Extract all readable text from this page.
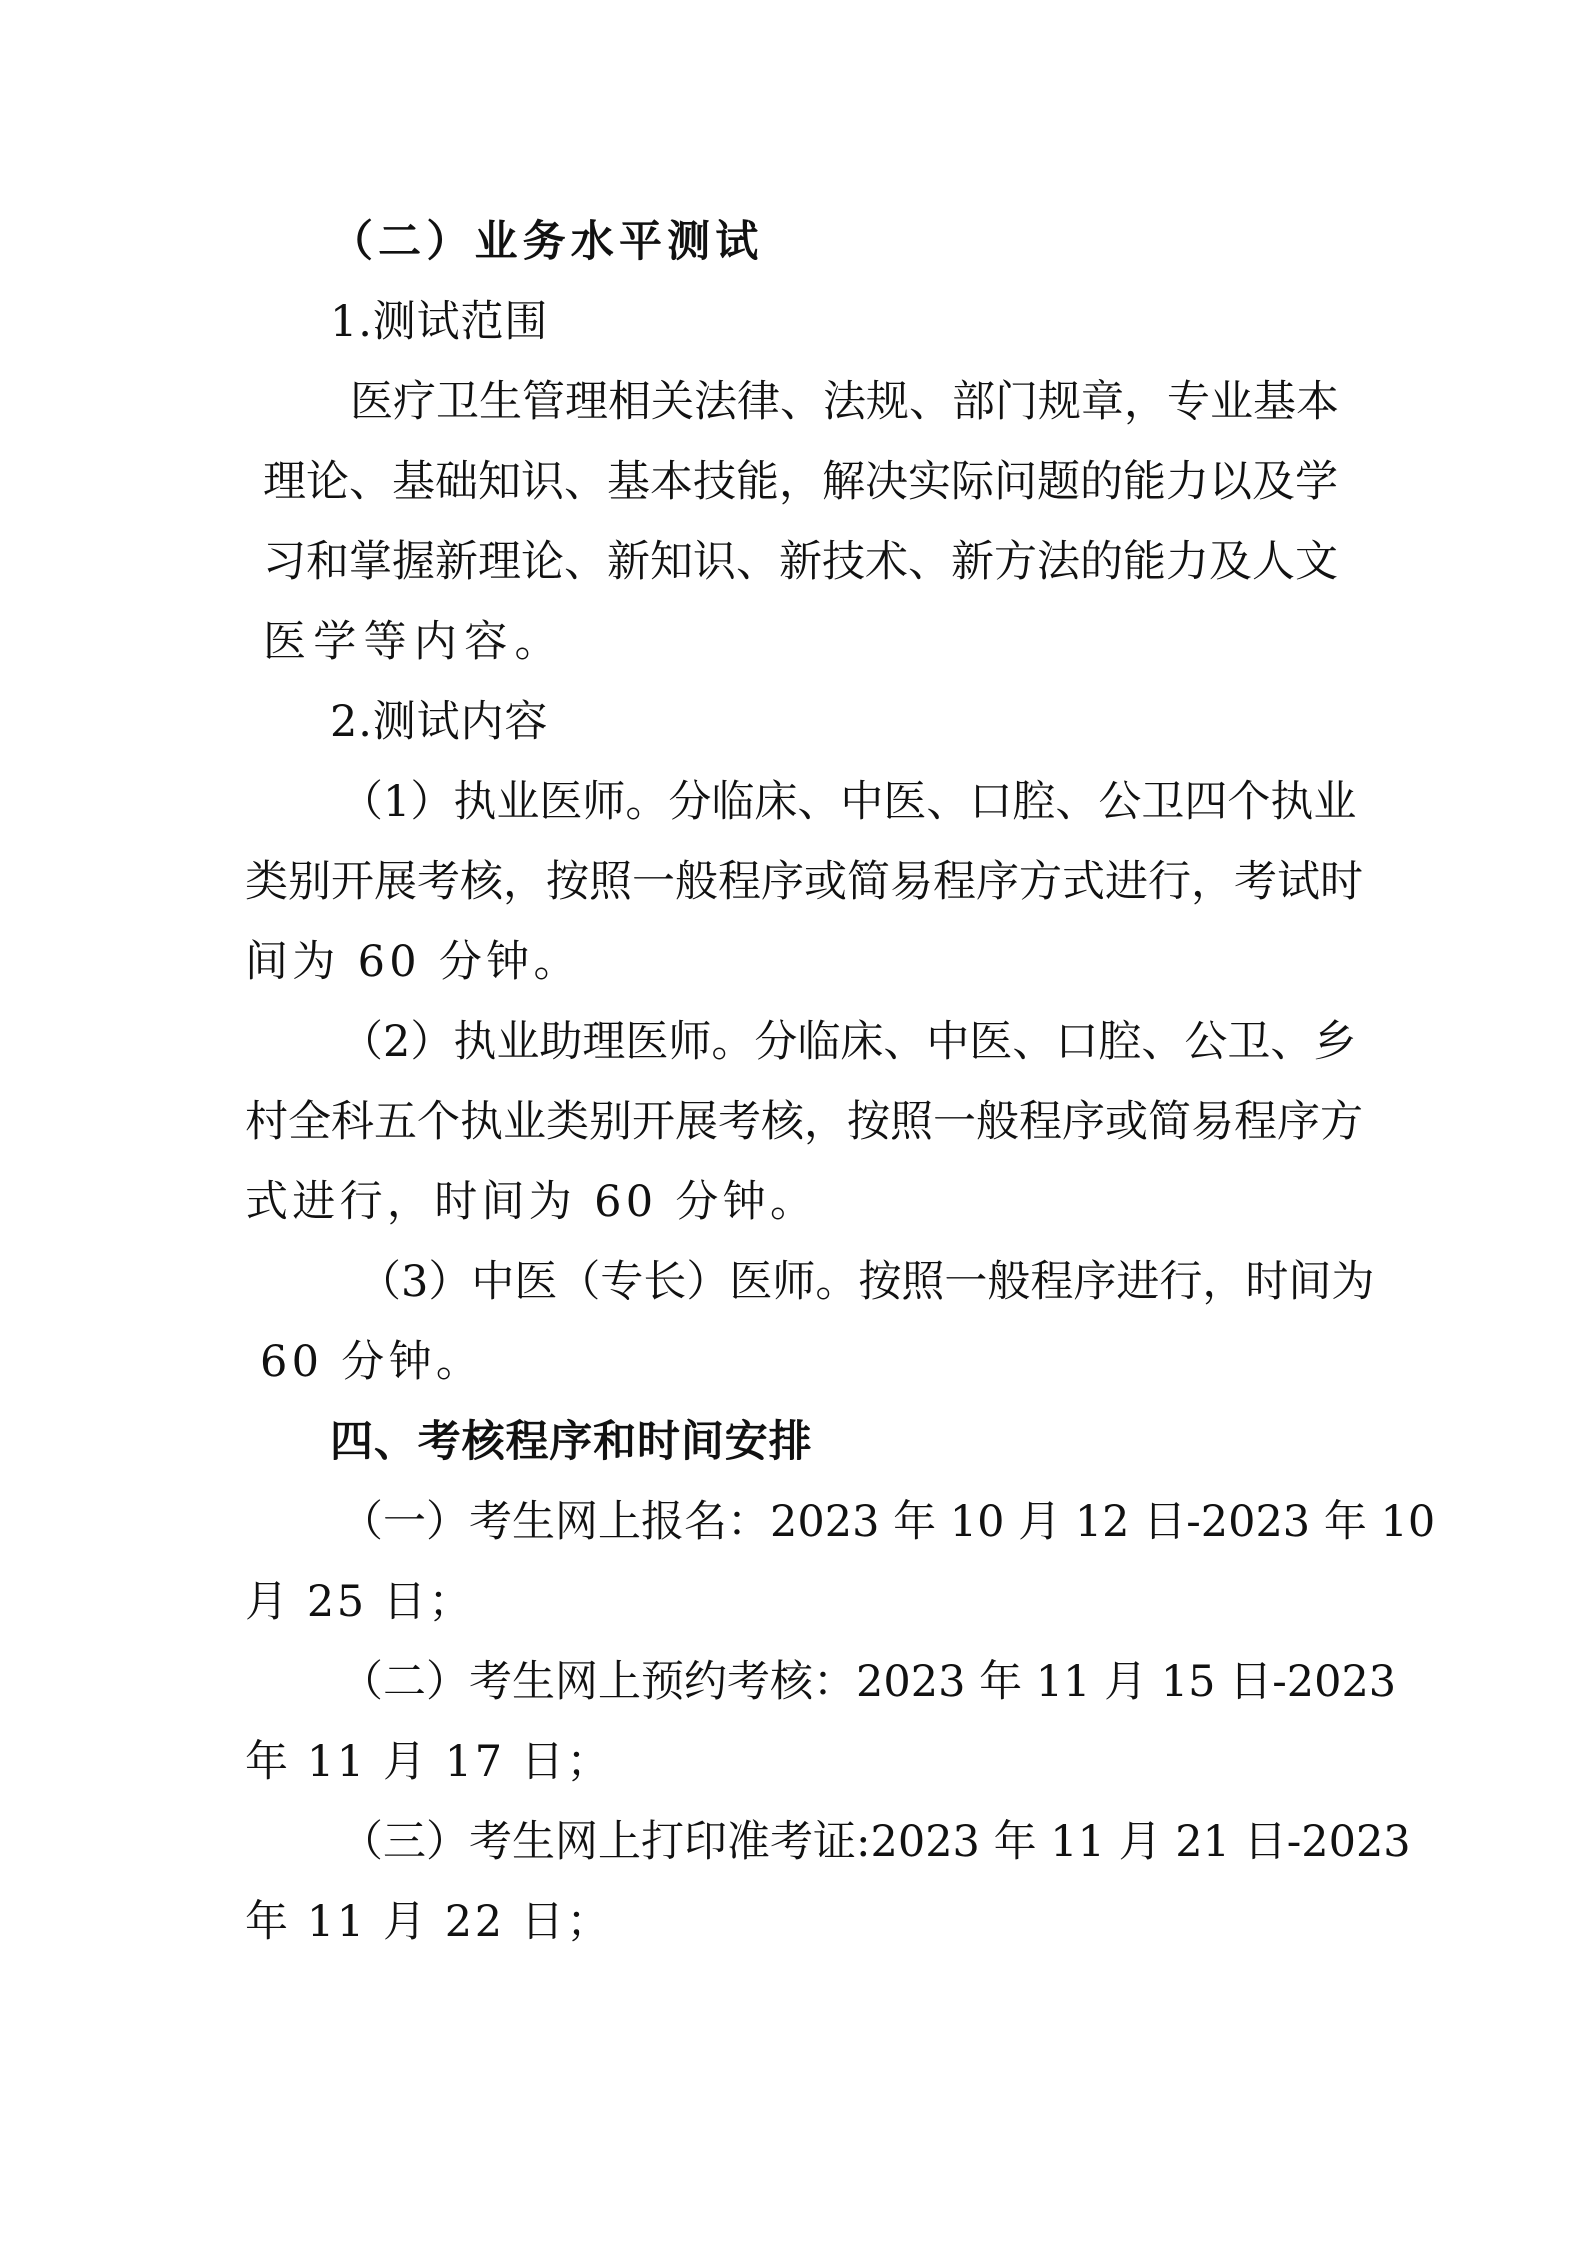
（二）业务水平测试

1.测试范围

医疗卫生管理相关法律、法规、部门规章，专业基本

理论、基础知识、基本技能，解决实际问题的能力以及学

习和掌握新理论、新知识、新技术、新方法的能力及人文

医学等内容。

2.测试内容

（1）执业医师。分临床、中医、口腔、公卫四个执业

类别开展考核，按照一般程序或简易程序方式进行，考试时

间为 60 分钟。

（2）执业助理医师。分临床、中医、口腔、公卫、乡

村全科五个执业类别开展考核，按照一般程序或简易程序方

式进行，时间为 60 分钟。

（3）中医（专长）医师。按照一般程序进行，时间为

60 分钟。

四、考核程序和时间安排

（一）考生网上报名：2023 年 10 月 12 日-2023 年 10

月 25 日；

（二）考生网上预约考核：2023 年 11 月 15 日-2023

年 11 月 17 日；

（三）考生网上打印准考证:2023 年 11 月 21 日-2023

年 11 月 22 日；
